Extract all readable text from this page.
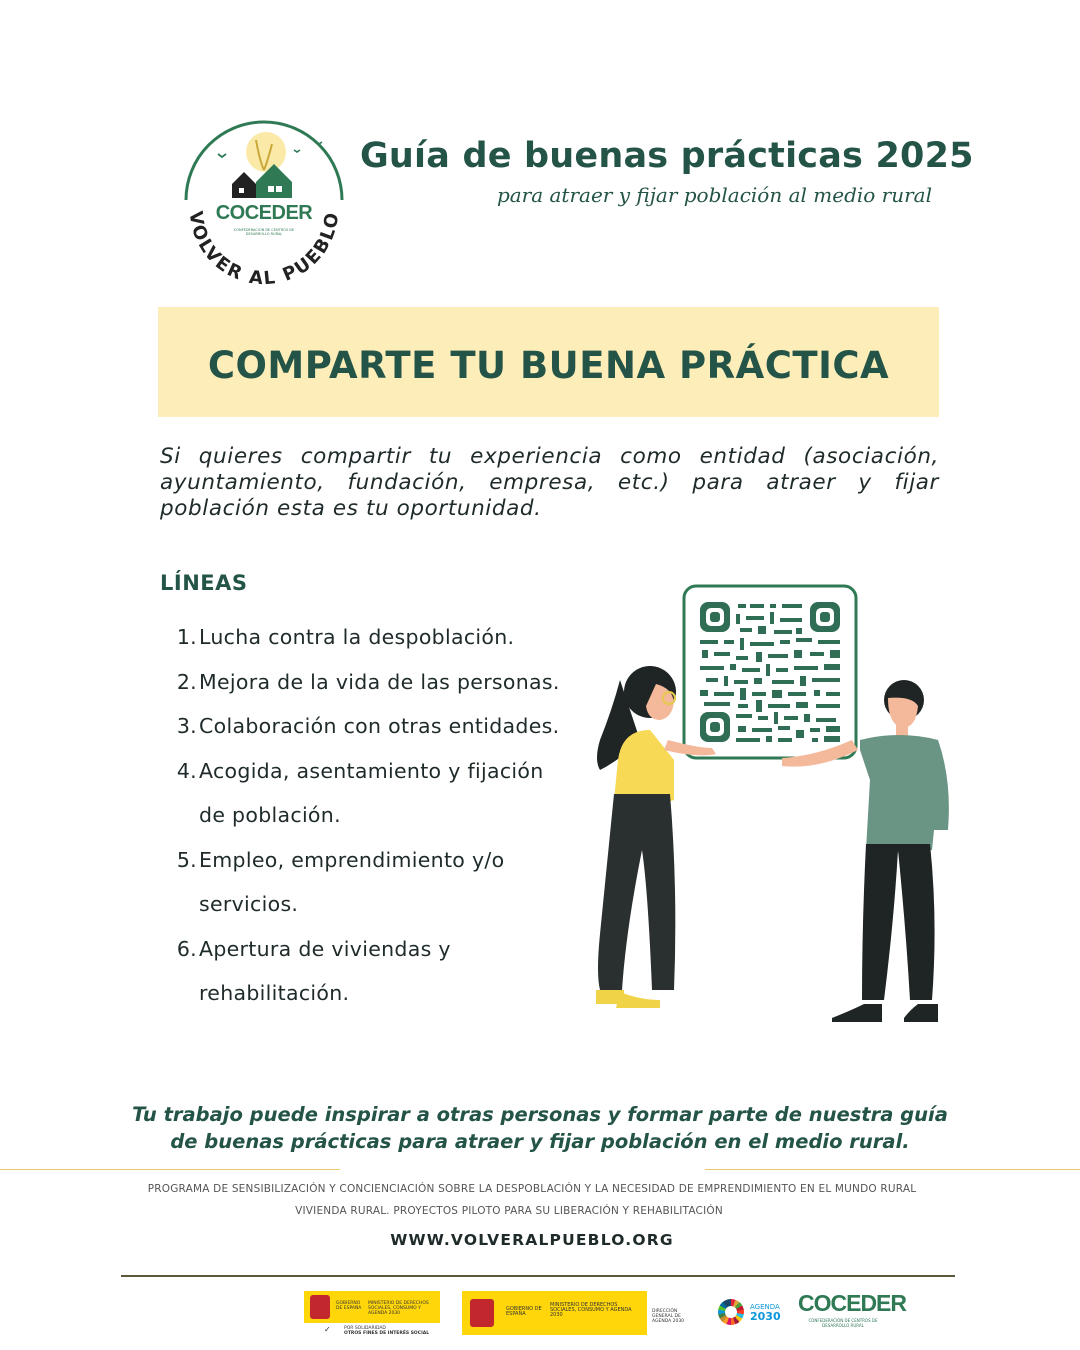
VOLVER AL PUEBLO
COCEDER
CONFEDERACIÓN DE CENTROS DE DESARROLLO RURAL
Guía de buenas prácticas 2025
para atraer y fijar población al medio rural
COMPARTE TU BUENA PRÁCTICA
Si quieres compartir tu experiencia como entidad (asociación, ayuntamiento, fundación, empresa, etc.) para atraer y fijar población esta es tu oportunidad.
LÍNEAS
1. Lucha contra la despoblación.
2. Mejora de la vida de las personas.
3. Colaboración con otras entidades.
4. Acogida, asentamiento y fijación
de población.
5. Empleo, emprendimiento y/o
servicios.
6. Apertura de viviendas y
rehabilitación.
Tu trabajo puede inspirar a otras personas y formar parte de nuestra guía de buenas prácticas para atraer y fijar población en el medio rural.
PROGRAMA DE SENSIBILIZACIÓN Y CONCIENCIACIÓN SOBRE LA DESPOBLACIÓN Y LA NECESIDAD DE EMPRENDIMIENTO EN EL MUNDO RURAL
VIVIENDA RURAL. PROYECTOS PILOTO PARA SU LIBERACIÓN Y REHABILITACIÓN
WWW.VOLVERALPUEBLO.ORG
GOBIERNO DE ESPAÑA
MINISTERIO DE DERECHOS SOCIALES, CONSUMO Y AGENDA 2030
POR SOLIDARIDAD
OTROS FINES DE INTERÉS SOCIAL
✓
GOBIERNO DE ESPAÑA
MINISTERIO DE DERECHOS SOCIALES, CONSUMO Y AGENDA 2030
DIRECCIÓN GENERAL DE AGENDA 2030
AGENDA
2030
COCEDER
CONFEDERACIÓN DE CENTROS DE DESARROLLO RURAL
